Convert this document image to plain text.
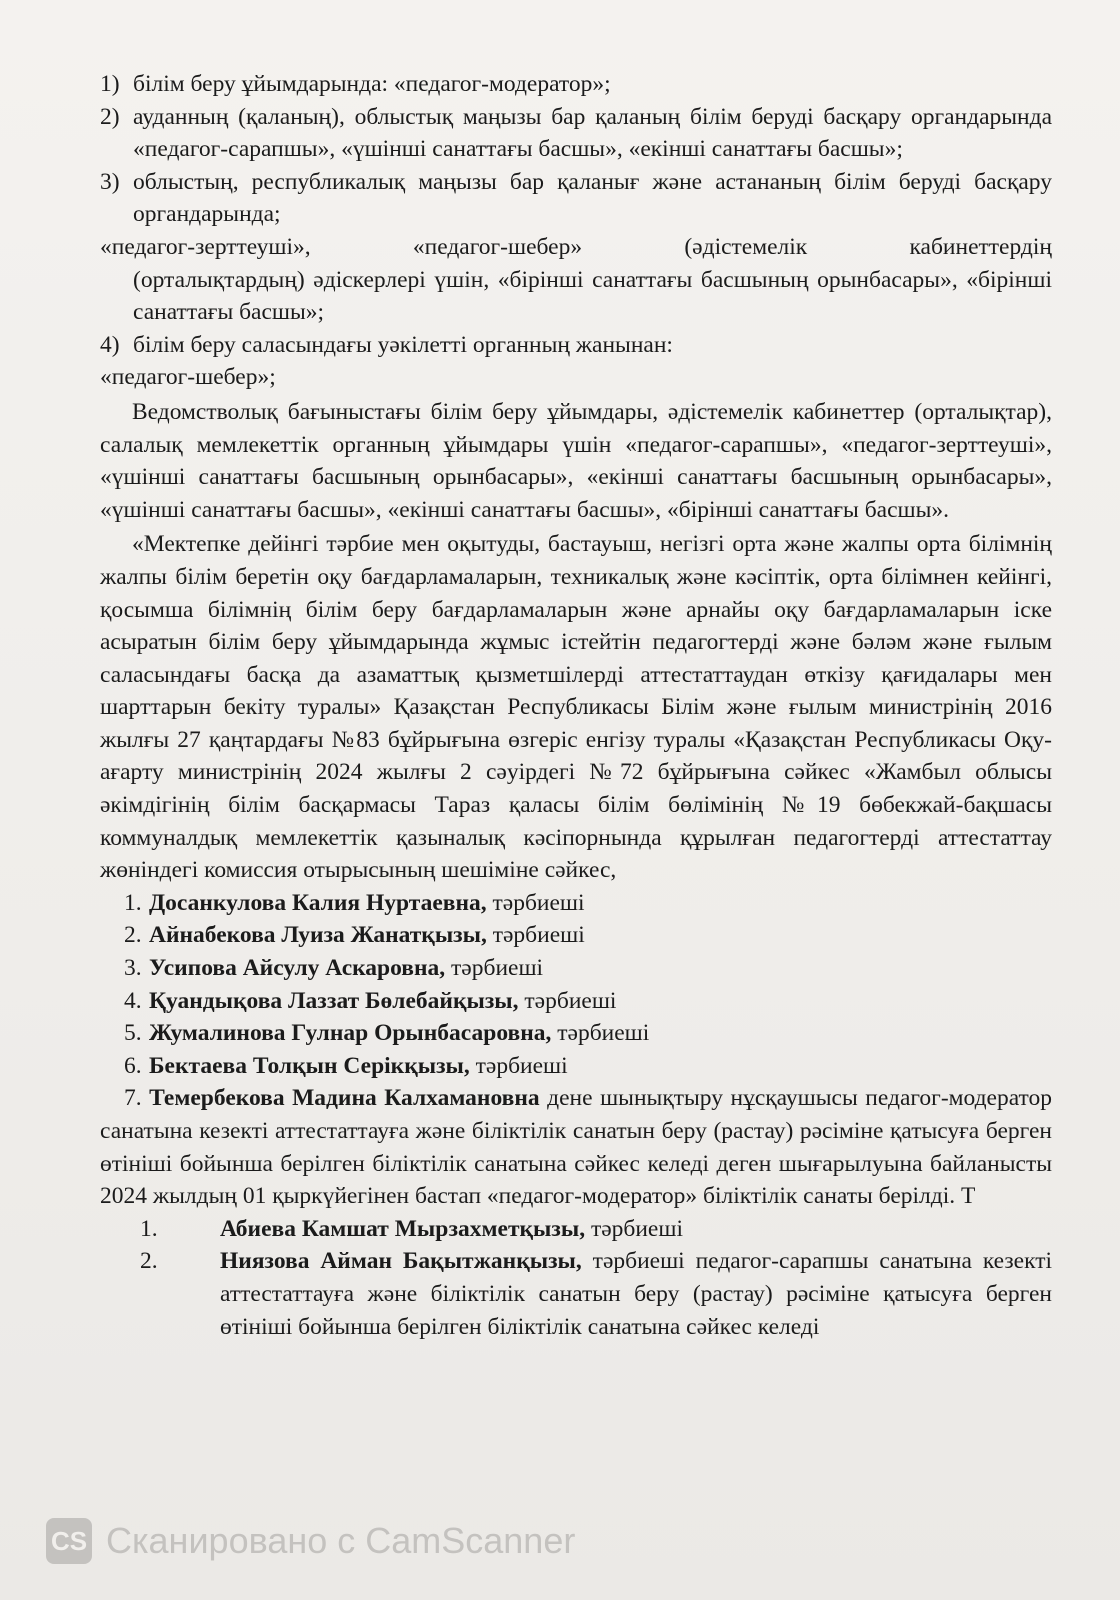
1) білім беру ұйымдарында: «педагог-модератор»;
2) ауданның (қаланың), облыстық маңызы бар қаланың білім беруді басқару органдарында «педагог-сарапшы», «үшінші санаттағы басшы», «екінші санаттағы басшы»;
3) облыстың, республикалық маңызы бар қаланығ және астананың білім беруді басқару органдарында;
«педагог-зерттеуші»,	«педагог-шебер»	(әдістемелік	кабинеттердің
(орталықтардың) әдіскерлері үшін, «бірінші санаттағы басшының орынбасары», «бірінші санаттағы басшы»;
4) білім беру саласындағы уәкілетті органның жанынан:
«педагог-шебер»;
Ведомстволық бағыныстағы білім беру ұйымдары, әдістемелік кабинеттер (орталықтар), салалық мемлекеттік органның ұйымдары үшін «педагог-сарапшы», «педагог-зерттеуші», «үшінші санаттағы басшының орынбасары», «екінші санаттағы басшының орынбасары», «үшінші санаттағы басшы», «екінші санаттағы басшы», «бірінші санаттағы басшы».
«Мектепке дейінгі тәрбие мен оқытуды, бастауыш, негізгі орта және жалпы орта білімнің жалпы білім беретін оқу бағдарламаларын, техникалық және кәсіптік, орта білімнен кейінгі, қосымша білімнің білім беру бағдарламаларын және арнайы оқу бағдарламаларын іске асыратын білім беру ұйымдарында жұмыс істейтін педагогтерді және бәлəм және ғылым саласындағы басқа да азаматтық қызметшілерді аттестаттаудан өткізу қағидалары мен шарттарын бекіту туралы» Қазақстан Республикасы Білім және ғылым министрінің 2016 жылғы 27 қаңтардағы №83 бұйрығына өзгеріс енгізу туралы «Қазақстан Республикасы Оқу-ағарту министрінің 2024 жылғы 2 сәуірдегі №72 бұйрығына сәйкес «Жамбыл облысы әкімдігінің білім басқармасы Тараз қаласы білім бөлімінің №19 бөбекжай-бақшасы коммуналдық мемлекеттік қазыналық кәсіпорнында құрылған педагогтерді аттестаттау жөніндегі комиссия отырысының шешіміне сәйкес,
1. Досанкулова Калия Нуртаевна, тәрбиеші
2. Айнабекова Луиза Жанатқызы, тәрбиеші
3. Усипова Айсулу Аскаровна, тәрбиеші
4. Қуандықова Лаззат Бөлебайқызы, тәрбиеші
5. Жумалинова Гулнар Орынбасаровна, тәрбиеші
6. Бектаева Толқын Серікқызы, тәрбиеші
7. Темербекова Мадина Калхамановна дене шынықтыру нұсқаушысы педагог-модератор санатына кезекті аттестаттауға және біліктілік санатын беру (растау) рәсіміне қатысуға берген өтініші бойынша берілген біліктілік санатына сәйкес келеді деген шығарылуына байланысты 2024 жылдың 01 қыркүйегінен бастап «педагог-модератор» біліктілік санаты берілді. Т
1.	Абиева Камшат Мырзахметқызы, тәрбиеші
2.	Ниязова Айман Бақытжанқызы, тәрбиеші педагог-сарапшы санатына кезекті аттестаттауға және біліктілік санатын беру (растау) рәсіміне қатысуға берген өтініші бойынша берілген біліктілік санатына сәйкес келеді
CS Сканировано с CamScanner
